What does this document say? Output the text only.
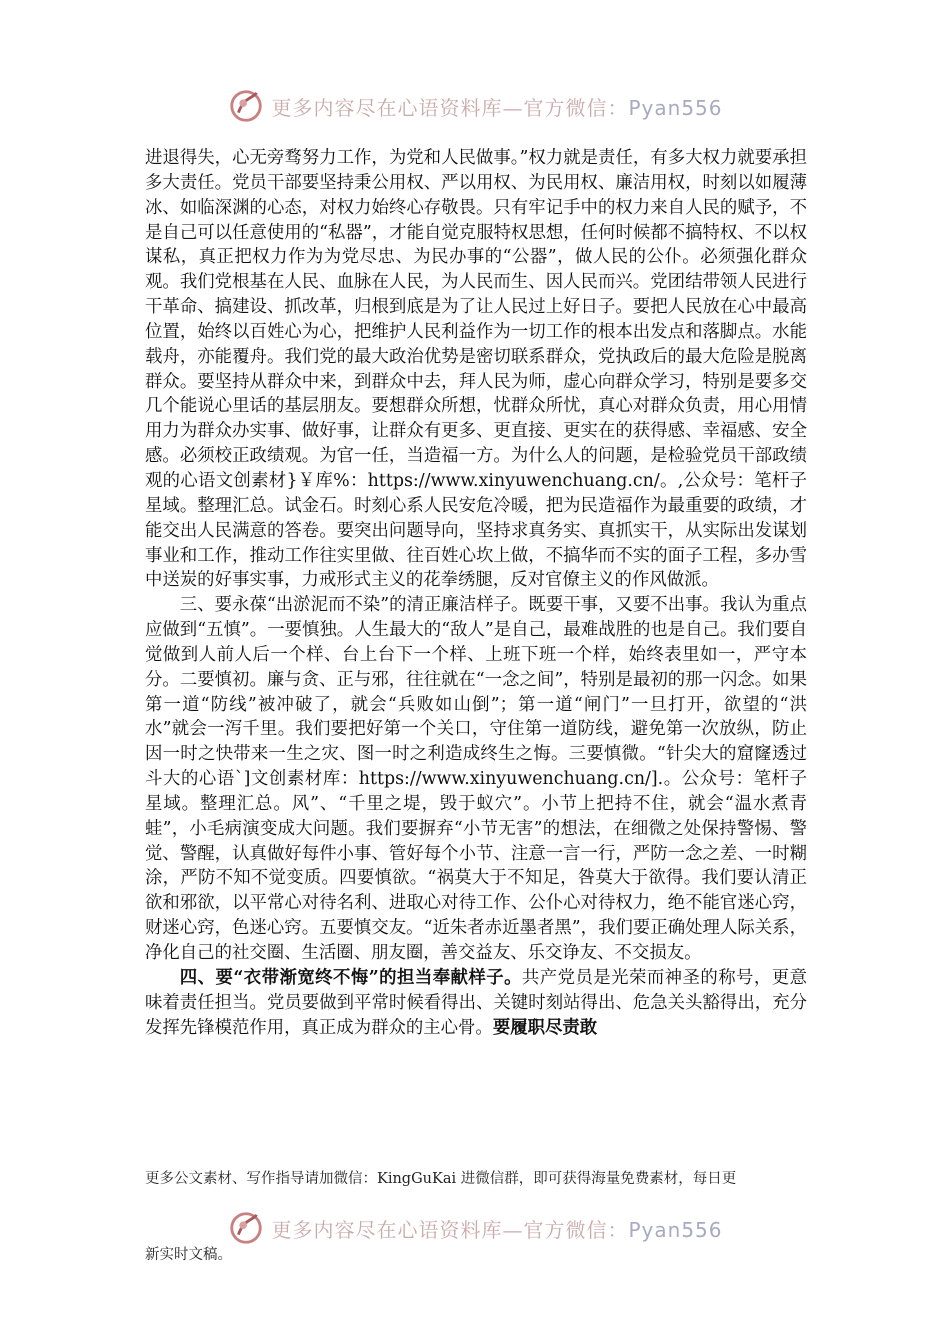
更多内容尽在心语资料库—官方微信：Pyan556

进退得失，心无旁骛努力工作，为党和人民做事。”权力就是责任，有多大权力就要承担多大责任。党员干部要坚持秉公用权、严以用权、为民用权、廉洁用权，时刻以如履薄冰、如临深渊的心态，对权力始终心存敬畏。只有牢记手中的权力来自人民的赋予，不是自己可以任意使用的“私器”，才能自觉克服特权思想，任何时候都不搞特权、不以权谋私，真正把权力作为为党尽忠、为民办事的“公器”，做人民的公仆。必须强化群众观。我们党根基在人民、血脉在人民，为人民而生、因人民而兴。党团结带领人民进行干革命、搞建设、抓改革，归根到底是为了让人民过上好日子。要把人民放在心中最高位置，始终以百姓心为心，把维护人民利益作为一切工作的根本出发点和落脚点。水能载舟，亦能覆舟。我们党的最大政治优势是密切联系群众，党执政后的最大危险是脱离群众。要坚持从群众中来，到群众中去，拜人民为师，虚心向群众学习，特别是要多交几个能说心里话的基层朋友。要想群众所想，忧群众所忧，真心对群众负责，用心用情用力为群众办实事、做好事，让群众有更多、更直接、更实在的获得感、幸福感、安全感。必须校正政绩观。为官一任，当造福一方。为什么人的问题，是检验党员干部政绩观的心语文创素材}￥库%：https://www.xinyuwenchuang.cn/。,公众号：笔杆子星域。整理汇总。试金石。时刻心系人民安危冷暖，把为民造福作为最重要的政绩，才能交出人民满意的答卷。要突出问题导向，坚持求真务实、真抓实干，从实际出发谋划事业和工作，推动工作往实里做、往百姓心坎上做，不搞华而不实的面子工程，多办雪中送炭的好事实事，力戒形式主义的花拳绣腿，反对官僚主义的作风做派。

三、要永葆“出淤泥而不染”的清正廉洁样子。既要干事，又要不出事。我认为重点应做到“五慎”。一要慎独。人生最大的“敌人”是自己，最难战胜的也是自己。我们要自觉做到人前人后一个样、台上台下一个样、上班下班一个样，始终表里如一，严守本分。二要慎初。廉与贪、正与邪，往往就在“一念之间”，特别是最初的那一闪念。如果第一道“防线”被冲破了，就会“兵败如山倒”；第一道“闸门”一旦打开，欲望的“洪水”就会一泻千里。我们要把好第一个关口，守住第一道防线，避免第一次放纵，防止因一时之快带来一生之灾、图一时之利造成终生之悔。三要慎微。“针尖大的窟窿透过斗大的心语`]文创素材库：https://www.xinyuwenchuang.cn/].。公众号：笔杆子星域。整理汇总。风”、“千里之堤，毁于蚁穴”。小节上把持不住，就会“温水煮青蛙”，小毛病演变成大问题。我们要摒弃“小节无害”的想法，在细微之处保持警惕、警觉、警醒，认真做好每件小事、管好每个小节、注意一言一行，严防一念之差、一时糊涂，严防不知不觉变质。四要慎欲。“祸莫大于不知足，咎莫大于欲得。我们要认清正欲和邪欲，以平常心对待名利、进取心对待工作、公仆心对待权力，绝不能官迷心窍，财迷心窍，色迷心窍。五要慎交友。“近朱者赤近墨者黑”，我们要正确处理人际关系，净化自己的社交圈、生活圈、朋友圈，善交益友、乐交诤友、不交损友。

四、要“衣带渐宽终不悔”的担当奉献样子。共产党员是光荣而神圣的称号，更意味着责任担当。党员要做到平常时候看得出、关键时刻站得出、危急关头豁得出，充分发挥先锋模范作用，真正成为群众的主心骨。要履职尽责敢

更多公文素材、写作指导请加微信：KingGuKai 进微信群，即可获得海量免费素材，每日更
更多内容尽在心语资料库—官方微信：Pyan556
新实时文稿。
